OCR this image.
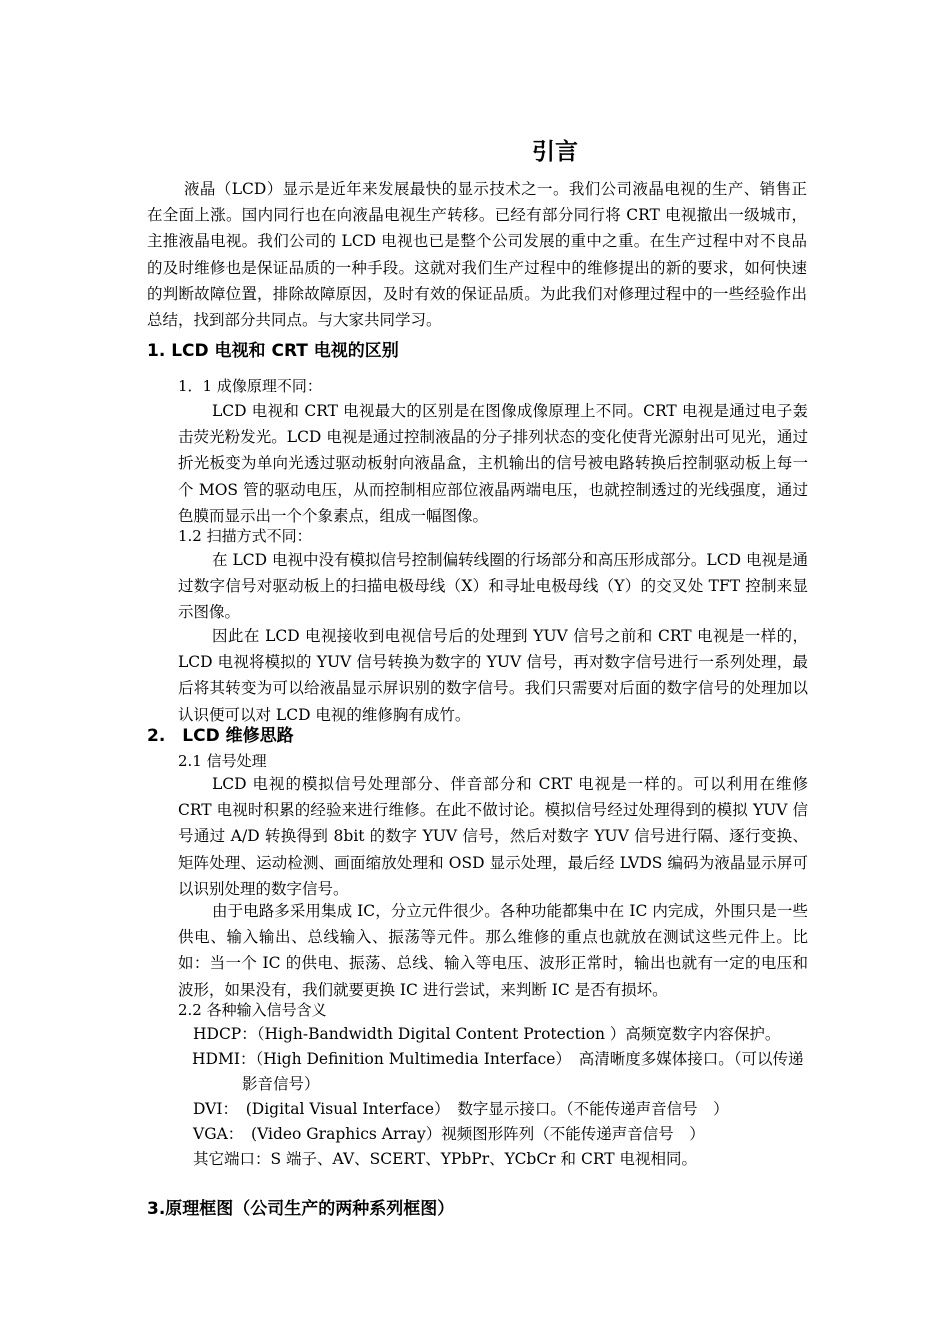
引言

液晶（LCD）显示是近年来发展最快的显示技术之一。我们公司液晶电视的生产、销售正在全面上涨。国内同行也在向液晶电视生产转移。已经有部分同行将 CRT 电视撤出一级城市，主推液晶电视。我们公司的 LCD 电视也已是整个公司发展的重中之重。在生产过程中对不良品的及时维修也是保证品质的一种手段。这就对我们生产过程中的维修提出的新的要求，如何快速的判断故障位置，排除故障原因，及时有效的保证品质。为此我们对修理过程中的一些经验作出总结，找到部分共同点。与大家共同学习。

1. LCD 电视和 CRT 电视的区别

1．1 成像原理不同：

LCD 电视和 CRT 电视最大的区别是在图像成像原理上不同。CRT 电视是通过电子轰击荧光粉发光。LCD 电视是通过控制液晶的分子排列状态的变化使背光源射出可见光，通过折光板变为单向光透过驱动板射向液晶盒，主机输出的信号被电路转换后控制驱动板上每一个 MOS 管的驱动电压，从而控制相应部位液晶两端电压，也就控制透过的光线强度，通过色膜而显示出一个个象素点，组成一幅图像。

1.2 扫描方式不同：

在 LCD 电视中没有模拟信号控制偏转线圈的行场部分和高压形成部分。LCD 电视是通过数字信号对驱动板上的扫描电极母线（X）和寻址电极母线（Y）的交叉处 TFT 控制来显示图像。

因此在 LCD 电视接收到电视信号后的处理到 YUV 信号之前和 CRT 电视是一样的，LCD 电视将模拟的 YUV 信号转换为数字的 YUV 信号，再对数字信号进行一系列处理，最后将其转变为可以给液晶显示屏识别的数字信号。我们只需要对后面的数字信号的处理加以认识便可以对 LCD 电视的维修胸有成竹。

2.　LCD 维修思路

2.1 信号处理

LCD 电视的模拟信号处理部分、伴音部分和 CRT 电视是一样的。可以利用在维修 CRT 电视时积累的经验来进行维修。在此不做讨论。模拟信号经过处理得到的模拟 YUV 信号通过 A/D 转换得到 8bit 的数字 YUV 信号，然后对数字 YUV 信号进行隔、逐行变换、矩阵处理、运动检测、画面缩放处理和 OSD 显示处理，最后经 LVDS 编码为液晶显示屏可以识别处理的数字信号。

由于电路多采用集成 IC，分立元件很少。各种功能都集中在 IC 内完成，外围只是一些供电、输入输出、总线输入、振荡等元件。那么维修的重点也就放在测试这些元件上。比如：当一个 IC 的供电、振荡、总线、输入等电压、波形正常时，输出也就有一定的电压和波形，如果没有，我们就要更换 IC 进行尝试，来判断 IC 是否有损坏。

2.2 各种输入信号含义

HDCP：（High-Bandwidth Digital Content Protection ）高频宽数字内容保护。

HDMI：（High Definition Multimedia Interface）　高清晰度多媒体接口。（可以传递影音信号）

DVI：　(Digital Visual Interface）　数字显示接口。（不能传递声音信号　）

VGA：　(Video Graphics Array）视频图形阵列（不能传递声音信号　）

其它端口：S 端子、AV、SCERT、YPbPr、YCbCr 和 CRT 电视相同。

3.原理框图（公司生产的两种系列框图）
